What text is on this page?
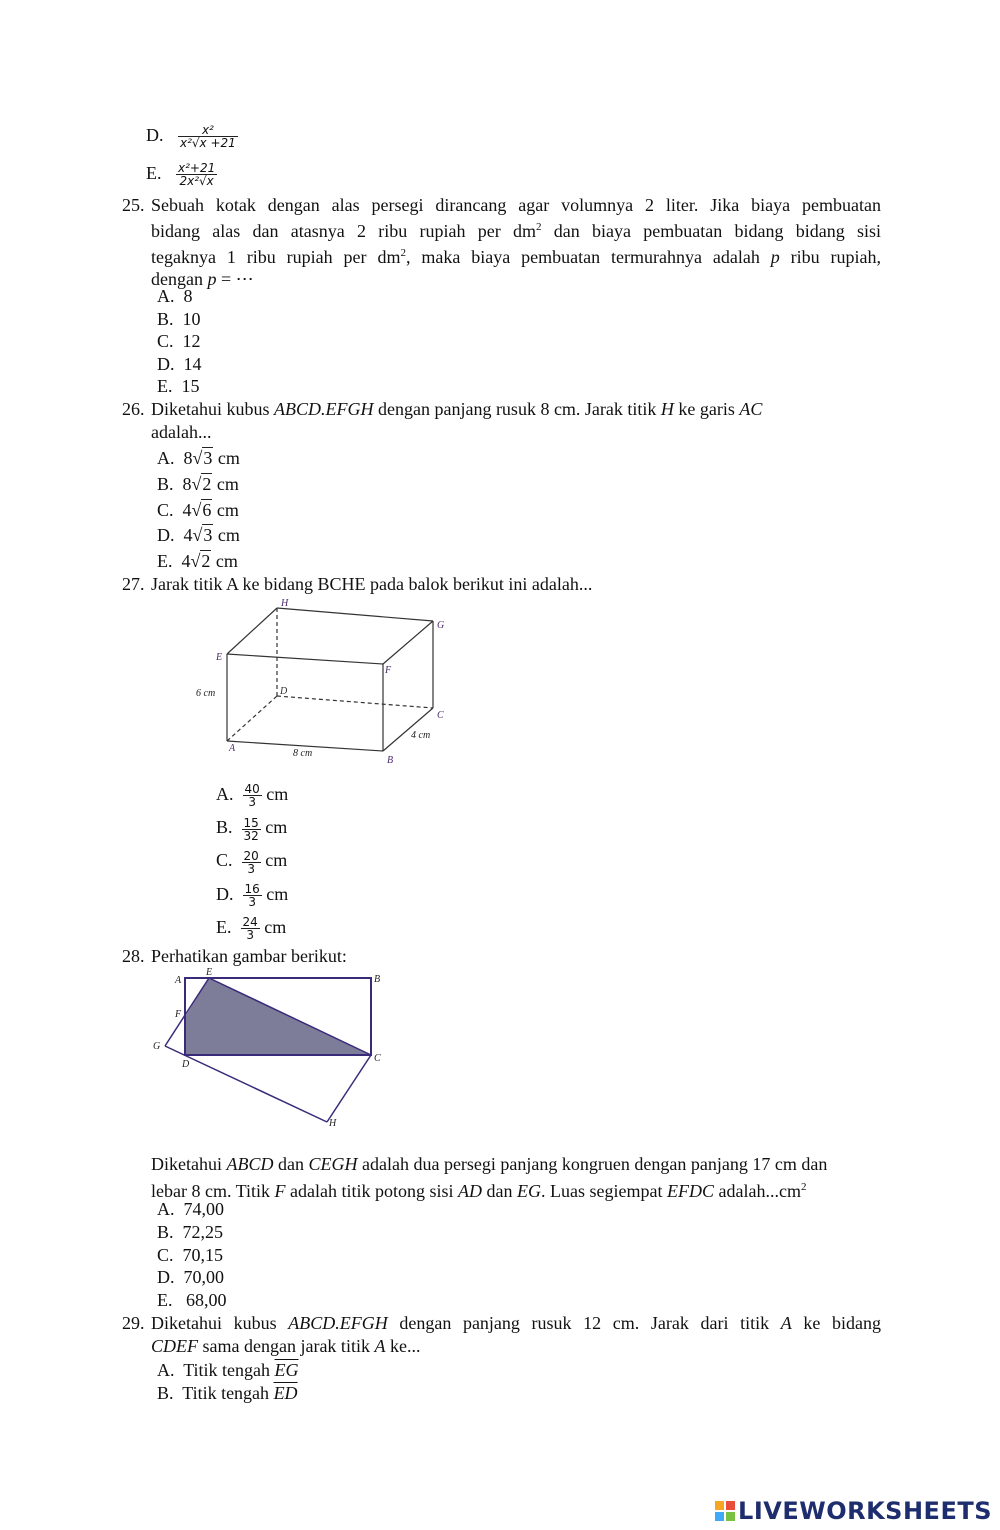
D. $\frac{\text{x²}}{\text{x²√x +21}}$
E. $\frac{\text{x²+21}}{\text{2x²√x}}$
25. Sebuah kotak dengan alas persegi dirancang agar volumnya 2 liter. Jika biaya pembuatan
bidang alas dan atasnya 2 ribu rupiah per $dm^2$ dan biaya pembuatan bidang bidang sisi
tegaknya 1 ribu rupiah per $dm^2$, maka biaya pembuatan termurahnya adalah p ribu rupiah,
dengan p = ⋯
A. 8
B. 10
C. 12
D. 14
E. 15
26. Diketahui kubus ABCD.EFGH dengan panjang rusuk 8 cm. Jarak titik H ke garis AC
adalah...
A. 8√3 cm
B. 8√2 cm
C. 4√6 cm
D. 4√3 cm
E. 4√2 cm
27. Jarak titik A ke bidang BCHE pada balok berikut ini adalah...
H
G
E
F
D
C
A
B
6 cm
8 cm
4 cm
A. $\frac{40}{3}$ cm
B. $\frac{15}{32}$ cm
C. $\frac{20}{3}$ cm
D. $\frac{16}{3}$ cm
E. $\frac{24}{3}$ cm
28. Perhatikan gambar berikut:
A
E
B
F
G
D
C
H
Diketahui ABCD dan CEGH adalah dua persegi panjang kongruen dengan panjang 17 cm dan
lebar 8 cm. Titik F adalah titik potong sisi AD dan EG. Luas segiempat EFDC $adalah...cm^2$
A. 74,00
B. 72,25
C. 70,15
D. 70,00
E.   68,00
29. Diketahui kubus ABCD.EFGH dengan panjang rusuk 12 cm. Jarak dari titik A ke bidang
CDEF sama dengan jarak titik A ke...
A. Titik tengah $\overline{EG}$
B. Titik tengah $\overline{ED}$
LIVEWORKSHEETS
